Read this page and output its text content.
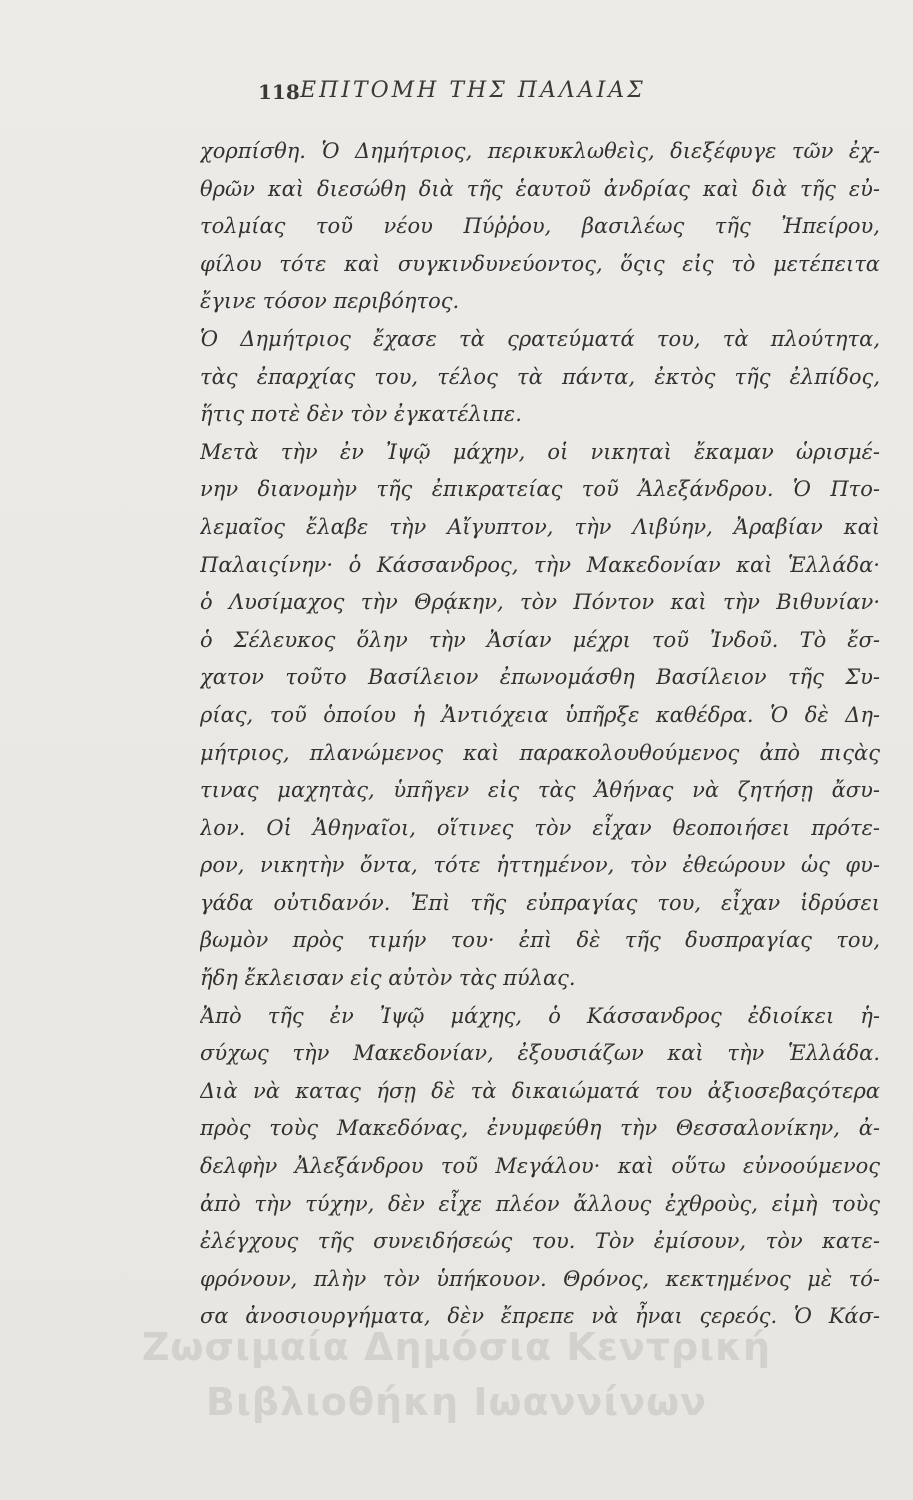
118 ΕΠΙΤΟΜΗ ΤΗΣ ΠΑΛΑΙΑΣ
χορπίσθη. Ὁ Δημήτριος, περικυκλωθεὶς, διεξέφυγε τῶν ἐχ-
θρῶν καὶ διεσώθη διὰ τῆς ἑαυτοῦ ἀνδρίας καὶ διὰ τῆς εὐ-
τολμίας τοῦ νέου Πύῤῥου, βασιλέως τῆς Ἠπείρου,
φίλου τότε καὶ συγκινδυνεύοντος, ὅςις εἰς τὸ μετέπειτα
ἔγινε τόσον περιβόητος.
Ὁ Δημήτριος ἔχασε τὰ ςρατεύματά του, τὰ πλούτητα,
τὰς ἐπαρχίας του, τέλος τὰ πάντα, ἐκτὸς τῆς ἐλπίδος,
ἥτις ποτὲ δὲν τὸν ἐγκατέλιπε.
Μετὰ τὴν ἐν Ἰψῷ μάχην, οἱ νικηταὶ ἔκαμαν ὡρισμέ-
νην διανομὴν τῆς ἐπικρατείας τοῦ Ἀλεξάνδρου. Ὁ Πτο-
λεμαῖος ἔλαβε τὴν Αἴγυπτον, τὴν Λιβύην, Ἀραβίαν καὶ
Παλαιςίνην· ὁ Κάσσανδρος, τὴν Μακεδονίαν καὶ Ἑλλάδα·
ὁ Λυσίμαχος τὴν Θρᾴκην, τὸν Πόντον καὶ τὴν Βιθυνίαν·
ὁ Σέλευκος ὅλην τὴν Ἀσίαν μέχρι τοῦ Ἰνδοῦ. Τὸ ἔσ-
χατον τοῦτο Βασίλειον ἐπωνομάσθη Βασίλειον τῆς Συ-
ρίας, τοῦ ὁποίου ἡ Ἀντιόχεια ὑπῆρξε καθέδρα. Ὁ δὲ Δη-
μήτριος, πλανώμενος καὶ παρακολουθούμενος ἀπὸ πιςὰς
τινας μαχητὰς, ὑπῆγεν εἰς τὰς Ἀθήνας νὰ ζητήσῃ ἄσυ-
λον. Οἱ Ἀθηναῖοι, οἵτινες τὸν εἶχαν θεοποιήσει πρότε-
ρον, νικητὴν ὄντα, τότε ἡττημένον, τὸν ἐθεώρουν ὡς φυ-
γάδα οὐτιδανόν. Ἐπὶ τῆς εὐπραγίας του, εἶχαν ἱδρύσει
βωμὸν πρὸς τιμήν του· ἐπὶ δὲ τῆς δυσπραγίας του,
ἤδη ἔκλεισαν εἰς αὐτὸν τὰς πύλας.
Ἀπὸ τῆς ἐν Ἰψῷ μάχης, ὁ Κάσσανδρος ἐδιοίκει ἡ-
σύχως τὴν Μακεδονίαν, ἐξουσιάζων καὶ τὴν Ἑλλάδα.
Διὰ νὰ κατας ήσῃ δὲ τὰ δικαιώματά του ἀξιοσεβαςότερα
πρὸς τοὺς Μακεδόνας, ἐνυμφεύθη τὴν Θεσσαλονίκην, ἀ-
δελφὴν Ἀλεξάνδρου τοῦ Μεγάλου· καὶ οὕτω εὐνοούμενος
ἀπὸ τὴν τύχην, δὲν εἶχε πλέον ἄλλους ἐχθροὺς, εἰμὴ τοὺς
ἐλέγχους τῆς συνειδήσεώς του. Τὸν ἐμίσουν, τὸν κατε-
φρόνουν, πλὴν τὸν ὑπήκουον. Θρόνος, κεκτημένος μὲ τό-
σα ἀνοσιουργήματα, δὲν ἔπρεπε νὰ ἦναι ςερεός. Ὁ Κάσ-
Ζωσιμαία Δημόσια Κεντρική
Βιβλιοθήκη Ιωαννίνων
